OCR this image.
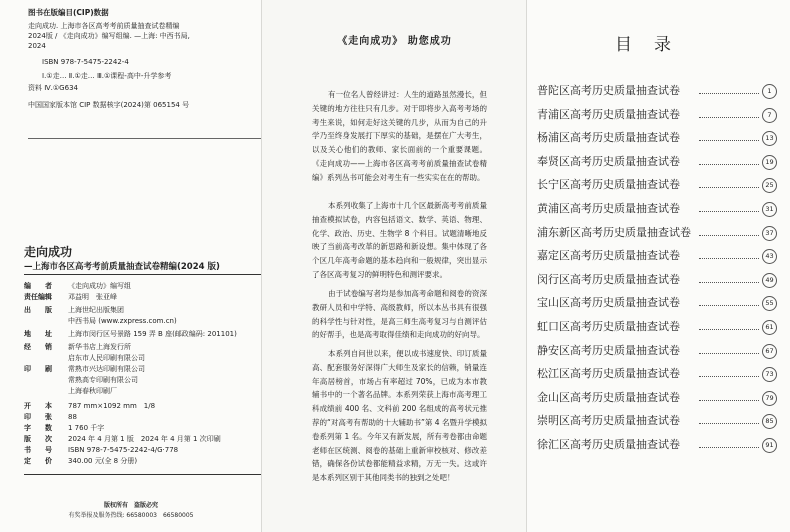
图书在版编目(CIP)数据
走向成功. 上海市各区高考考前质量抽查试卷精编
2024版 / 《走向成功》编写组编. —上海: 中西书局,
2024
ISBN 978-7-5475-2242-4
Ⅰ.①走… Ⅱ.①走… Ⅲ.①课程-高中-升学参考
资料 Ⅳ.①G634
中国国家版本馆 CIP 数据核字(2024)第 065154 号
走向成功
—上海市各区高考考前质量抽查试卷精编(2024 版)
编　　者 《走向成功》编写组
责任编辑 邓益明　张亚峰
出　　版 上海世纪出版集团
中西书局 (www.zxpress.com.cn)
地　　址 上海市闵行区号景路 159 弄 B 座(邮政编码: 201101)
经　　销 新华书店上海发行所
启东市人民印刷有限公司
印　　刷 常熟市兴达印刷有限公司
常熟高专印刷有限公司
上海春秋印刷厂
开　　本 787 mm×1092 mm　1/8
印　　张 88
字　　数 1 760 千字
版　　次 2024 年 4 月第 1 版　2024 年 4 月第 1 次印刷
书　　号 ISBN 978-7-5475-2242-4/G·778
定　　价 340.00 元(全 8 分册)
版权所有　盗版必究
有奖举报及服务热线: 66580003　66580005
《走向成功》 助您成功

有一位名人曾经讲过：人生的道路虽然漫长，但关键的地方往往只有几步。对于即将步入高考考场的考生来说，如何走好这关键的几步，从而为自己的升学乃至终身发展打下厚实的基础，是摆在广大考生，以及关心他们的教师、家长面前的一个重要课题。《走向成功——上海市各区高考考前质量抽查试卷精编》系列丛书可能会对考生有一些实实在在的帮助。

本系列收集了上海市十几个区最新高考考前质量抽查模拟试卷，内容包括语文、数学、英语、物理、化学、政治、历史、生物学 8 个科目。试题清晰地反映了当前高考改革的新思路和新设想。集中体现了各个区几年高考命题的基本趋向和一般规律，突出显示了各区高考复习的鲜明特色和测评要求。

由于试卷编写者均是参加高考命题和阅卷的资深教研人员和中学特、高级教师，所以本丛书具有很强的科学性与针对性，是高三师生高考复习与自测评估的好帮手，也是高考取得佳绩和走向成功的好向导。

本系列自问世以来，便以成书速度快、印订质量高、配套服务好深得广大师生及家长的信赖，销量连年高居榜首，市场占有率超过 70%，已成为本市教辅书中的一个著名品牌。本系列荣获上海市高考理工科成绩前 400 名、文科前 200 名组成的高考状元推荐的“对高考有帮助的十大辅助书”第 4 名暨升学模拟卷系列第 1 名。今年又有新发展，所有考卷都由命题老师在区统测、阅卷的基础上重新审校核对、修改差错，确保各份试卷都能精益求精，万无一失。这或许是本系列区别于其他同类书的独到之处吧！

目录
普陀区高考历史质量抽查试卷	1
青浦区高考历史质量抽查试卷	7
杨浦区高考历史质量抽查试卷	13
奉贤区高考历史质量抽查试卷	19
长宁区高考历史质量抽查试卷	25
黄浦区高考历史质量抽查试卷	31
浦东新区高考历史质量抽查试卷	37
嘉定区高考历史质量抽查试卷	43
闵行区高考历史质量抽查试卷	49
宝山区高考历史质量抽查试卷	55
虹口区高考历史质量抽查试卷	61
静安区高考历史质量抽查试卷	67
松江区高考历史质量抽查试卷	73
金山区高考历史质量抽查试卷	79
崇明区高考历史质量抽查试卷	85
徐汇区高考历史质量抽查试卷	91
